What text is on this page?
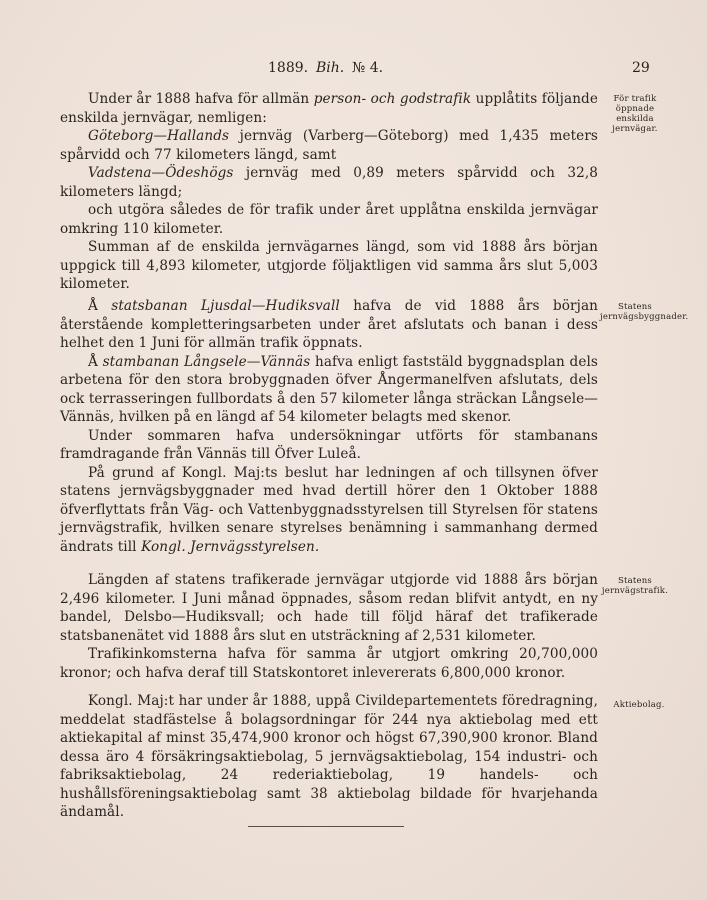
1889. Bih. № 4.	29

Under år 1888 hafva för allmän person- och godstrafik upplåtits följande enskilda jernvägar, nemligen:

Göteborg—Hallands jernväg (Varberg—Göteborg) med 1,435 meters spårvidd och 77 kilometers längd, samt

Vadstena—Ödeshögs jernväg med 0,89 meters spårvidd och 32,8 kilometers längd;

och utgöra således de för trafik under året upplåtna enskilda jernvägar omkring 110 kilometer.

Summan af de enskilda jernvägarnes längd, som vid 1888 års början uppgick till 4,893 kilometer, utgjorde följaktligen vid samma års slut 5,003 kilometer.

För trafik öppnade enskilda jernvägar.

Å statsbanan Ljusdal—Hudiksvall hafva de vid 1888 års början återstående kompletteringsarbeten under året afslutats och banan i dess helhet den 1 Juni för allmän trafik öppnats.

Å stambanan Långsele—Vännäs hafva enligt faststäld byggnadsplan dels arbetena för den stora brobyggnaden öfver Ångermanelfven afslutats, dels ock terrasseringen fullbordats å den 57 kilometer långa sträckan Långsele—Vännäs, hvilken på en längd af 54 kilometer belagts med skenor.

Under sommaren hafva undersökningar utförts för stambanans framdragande från Vännäs till Öfver Luleå.

På grund af Kongl. Maj:ts beslut har ledningen af och tillsynen öfver statens jernvägsbyggnader med hvad dertill hörer den 1 Oktober 1888 öfverflyttats från Väg- och Vattenbyggnadsstyrelsen till Styrelsen för statens jernvägstrafik, hvilken senare styrelses benämning i sammanhang dermed ändrats till Kongl. Jernvägsstyrelsen.

Statens jernvägsbyggnader.

Längden af statens trafikerade jernvägar utgjorde vid 1888 års början 2,496 kilometer. I Juni månad öppnades, såsom redan blifvit antydt, en ny bandel, Delsbo—Hudiksvall; och hade till följd häraf det trafikerade statsbanenätet vid 1888 års slut en utsträckning af 2,531 kilometer.

Trafikinkomsterna hafva för samma år utgjort omkring 20,700,000 kronor; och hafva deraf till Statskontoret inlevererats 6,800,000 kronor.

Statens jernvägstrafik.

Kongl. Maj:t har under år 1888, uppå Civildepartementets föredragning, meddelat stadfästelse å bolagsordningar för 244 nya aktiebolag med ett aktiekapital af minst 35,474,900 kronor och högst 67,390,900 kronor. Bland dessa äro 4 försäkringsaktiebolag, 5 jernvägsaktiebolag, 154 industri- och fabriksaktiebolag, 24 rederiaktiebolag, 19 handels- och hushållsföreningsaktiebolag samt 38 aktiebolag bildade för hvarjehanda ändamål.

Aktiebolag.
